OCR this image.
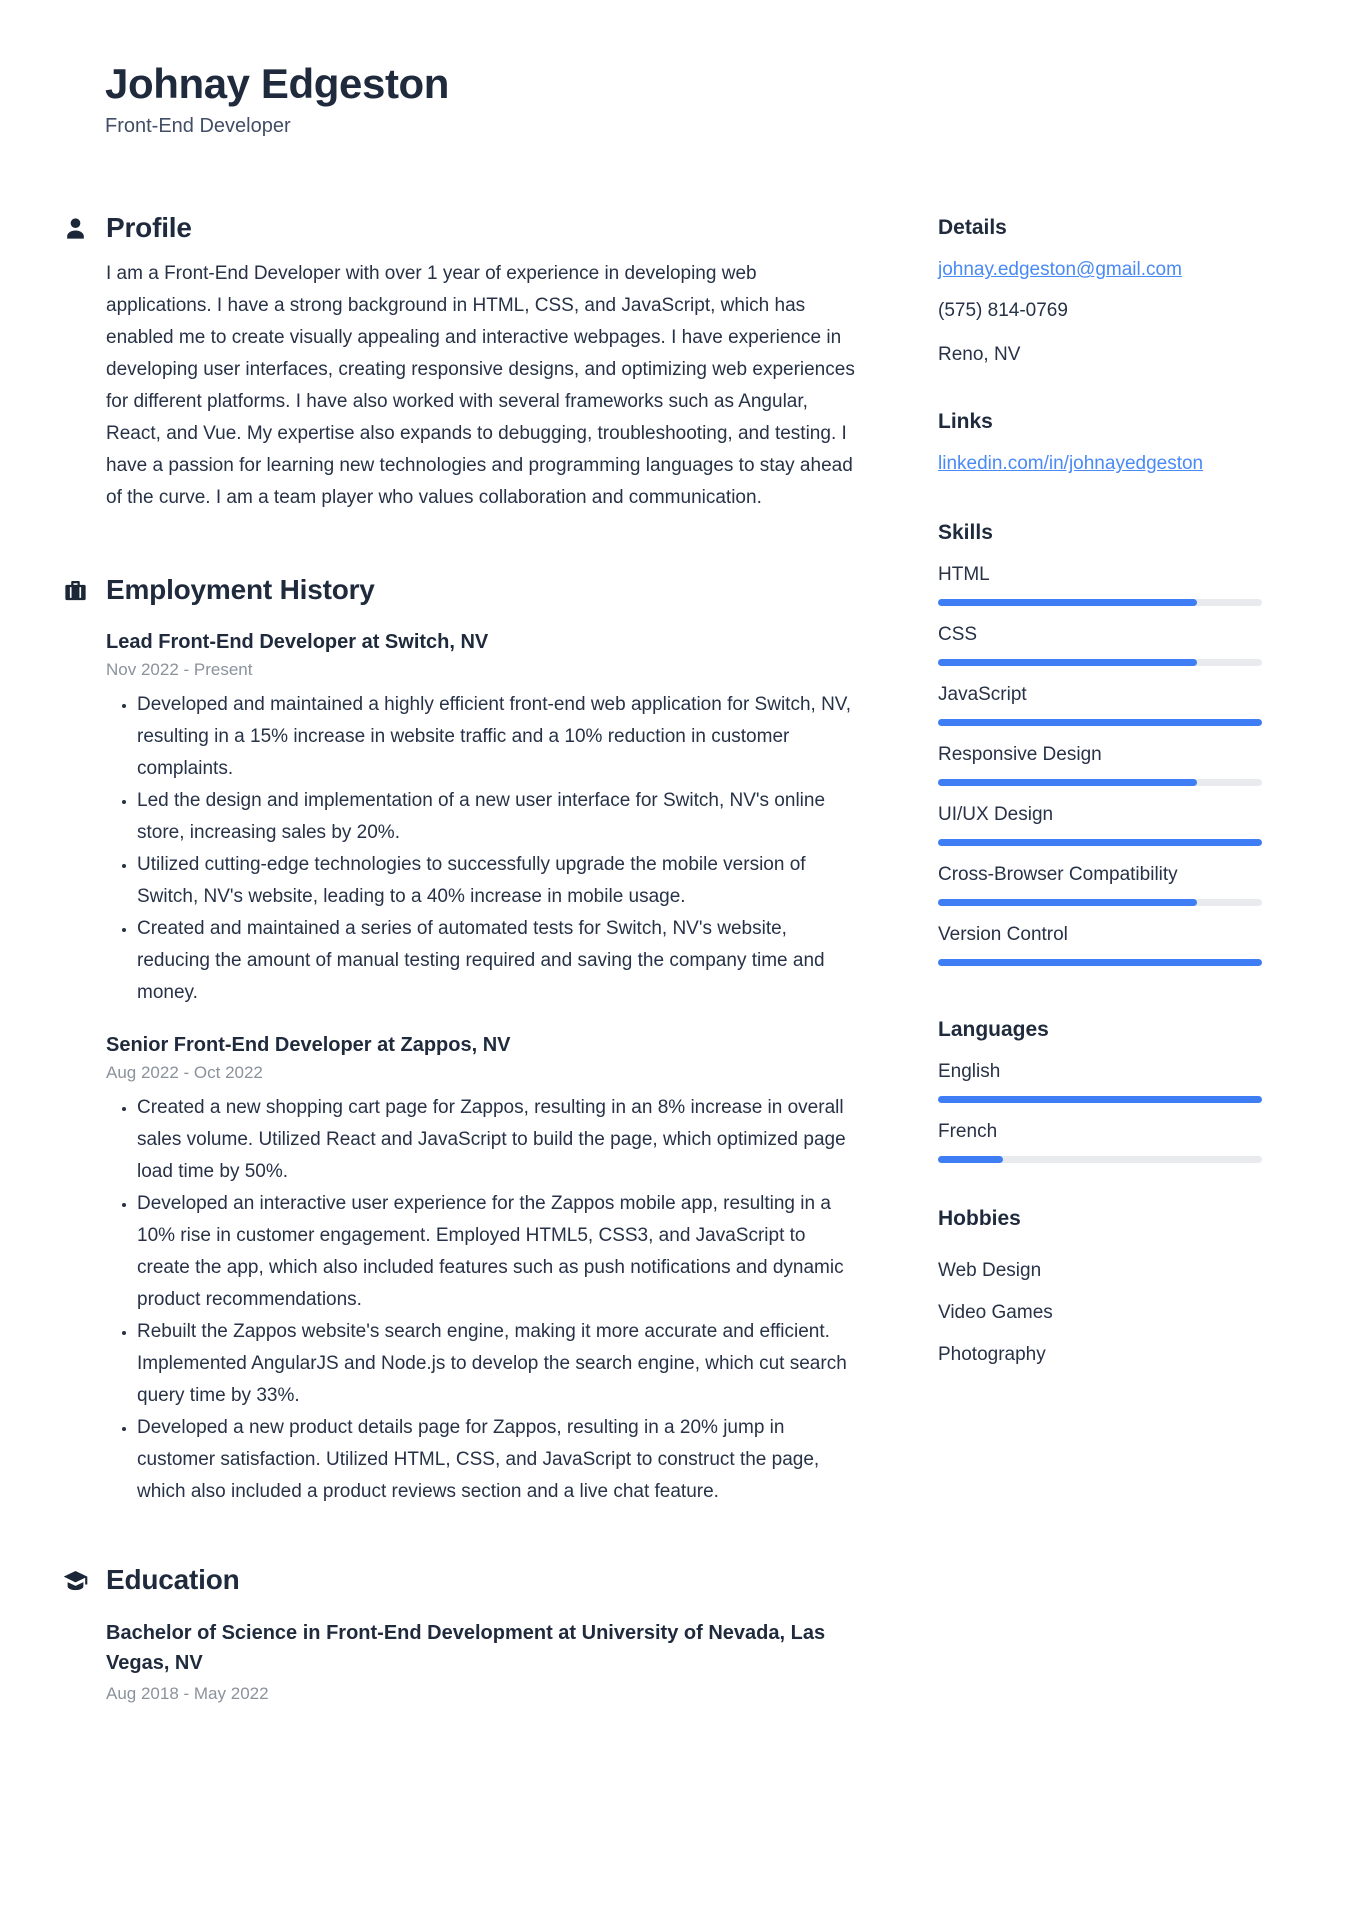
Johnay Edgeston
Front-End Developer
Profile
I am a Front-End Developer with over 1 year of experience in developing web applications. I have a strong background in HTML, CSS, and JavaScript, which has enabled me to create visually appealing and interactive webpages. I have experience in developing user interfaces, creating responsive designs, and optimizing web experiences for different platforms. I have also worked with several frameworks such as Angular, React, and Vue. My expertise also expands to debugging, troubleshooting, and testing. I have a passion for learning new technologies and programming languages to stay ahead of the curve. I am a team player who values collaboration and communication.
Employment History
Lead Front-End Developer at Switch, NV
Nov 2022 - Present
• Developed and maintained a highly efficient front-end web application for Switch, NV, resulting in a 15% increase in website traffic and a 10% reduction in customer complaints.
• Led the design and implementation of a new user interface for Switch, NV's online store, increasing sales by 20%.
• Utilized cutting-edge technologies to successfully upgrade the mobile version of Switch, NV's website, leading to a 40% increase in mobile usage.
• Created and maintained a series of automated tests for Switch, NV's website, reducing the amount of manual testing required and saving the company time and money.
Senior Front-End Developer at Zappos, NV
Aug 2022 - Oct 2022
• Created a new shopping cart page for Zappos, resulting in an 8% increase in overall sales volume. Utilized React and JavaScript to build the page, which optimized page load time by 50%.
• Developed an interactive user experience for the Zappos mobile app, resulting in a 10% rise in customer engagement. Employed HTML5, CSS3, and JavaScript to create the app, which also included features such as push notifications and dynamic product recommendations.
• Rebuilt the Zappos website's search engine, making it more accurate and efficient. Implemented AngularJS and Node.js to develop the search engine, which cut search query time by 33%.
• Developed a new product details page for Zappos, resulting in a 20% jump in customer satisfaction. Utilized HTML, CSS, and JavaScript to construct the page, which also included a product reviews section and a live chat feature.
Education
Bachelor of Science in Front-End Development at University of Nevada, Las Vegas, NV
Aug 2018 - May 2022
Details
johnay.edgeston@gmail.com
(575) 814-0769
Reno, NV
Links
linkedin.com/in/johnayedgeston
Skills
HTML
CSS
JavaScript
Responsive Design
UI/UX Design
Cross-Browser Compatibility
Version Control
Languages
English
French
Hobbies
Web Design
Video Games
Photography
